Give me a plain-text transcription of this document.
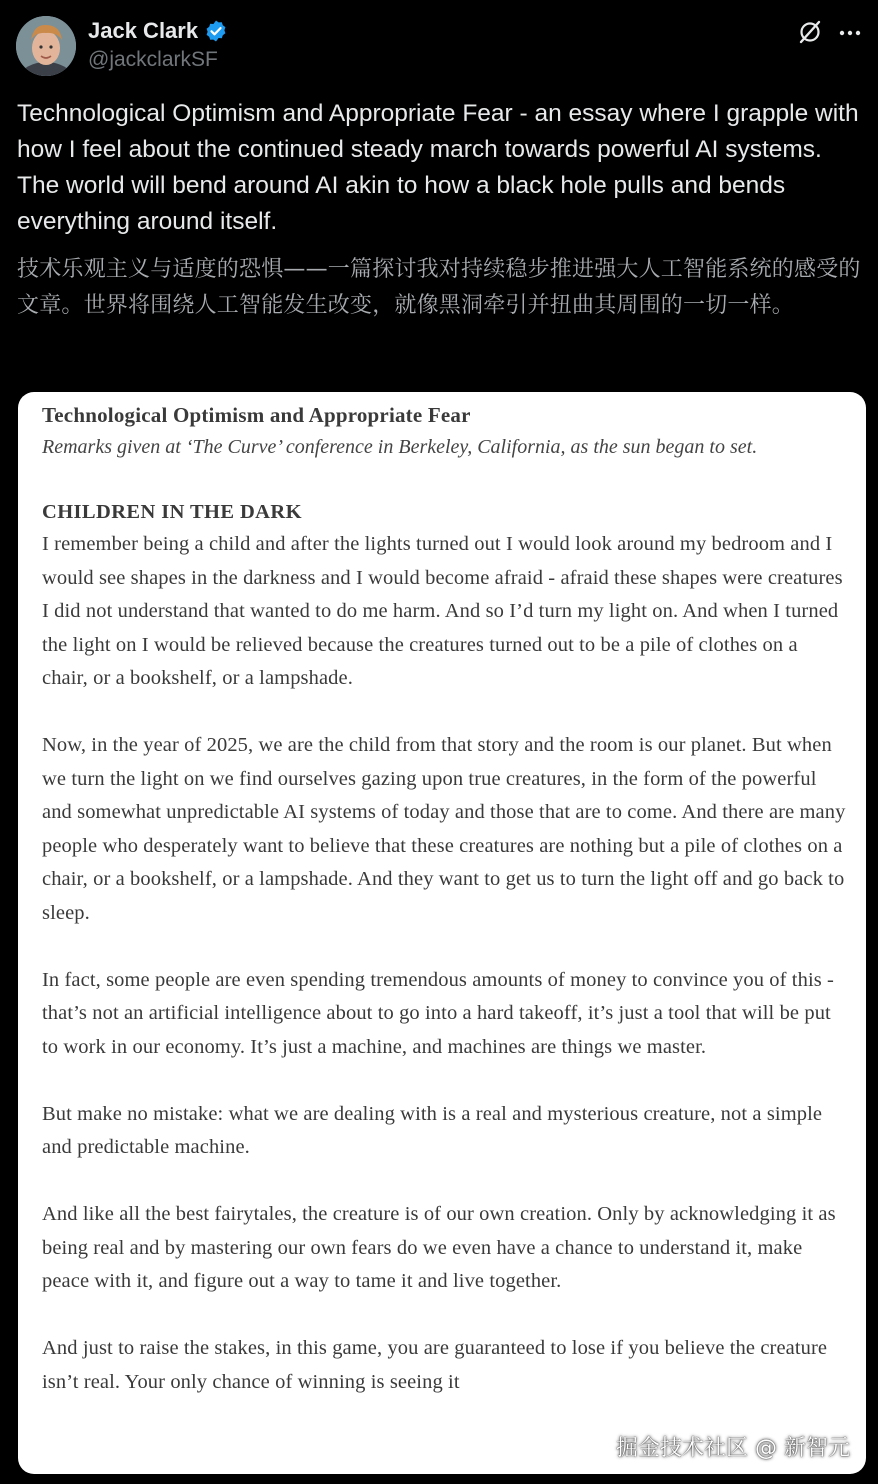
Jack Clark
@jackclarkSF
Technological Optimism and Appropriate Fear - an essay where I grapple with how I feel about the continued steady march towards powerful AI systems. The world will bend around AI akin to how a black hole pulls and bends everything around itself.
技术乐观主义与适度的恐惧——一篇探讨我对持续稳步推进强大人工智能系统的感受的文章。世界将围绕人工智能发生改变，就像黑洞牵引并扭曲其周围的一切一样。
Technological Optimism and Appropriate Fear
Remarks given at ‘The Curve’ conference in Berkeley, California, as the sun began to set.
CHILDREN IN THE DARK

I remember being a child and after the lights turned out I would look around my bedroom and I would see shapes in the darkness and I would become afraid - afraid these shapes were creatures I did not understand that wanted to do me harm. And so I’d turn my light on. And when I turned the light on I would be relieved because the creatures turned out to be a pile of clothes on a chair, or a bookshelf, or a lampshade.

Now, in the year of 2025, we are the child from that story and the room is our planet. But when we turn the light on we find ourselves gazing upon true creatures, in the form of the powerful and somewhat unpredictable AI systems of today and those that are to come. And there are many people who desperately want to believe that these creatures are nothing but a pile of clothes on a chair, or a bookshelf, or a lampshade. And they want to get us to turn the light off and go back to sleep.

In fact, some people are even spending tremendous amounts of money to convince you of this - that’s not an artificial intelligence about to go into a hard takeoff, it’s just a tool that will be put to work in our economy. It’s just a machine, and machines are things we master.

But make no mistake: what we are dealing with is a real and mysterious creature, not a simple and predictable machine.

And like all the best fairytales, the creature is of our own creation. Only by acknowledging it as being real and by mastering our own fears do we even have a chance to understand it, make peace with it, and figure out a way to tame it and live together.

And just to raise the stakes, in this game, you are guaranteed to lose if you believe the creature isn’t real. Your only chance of winning is seeing it

掘金技术社区 @ 新智元
